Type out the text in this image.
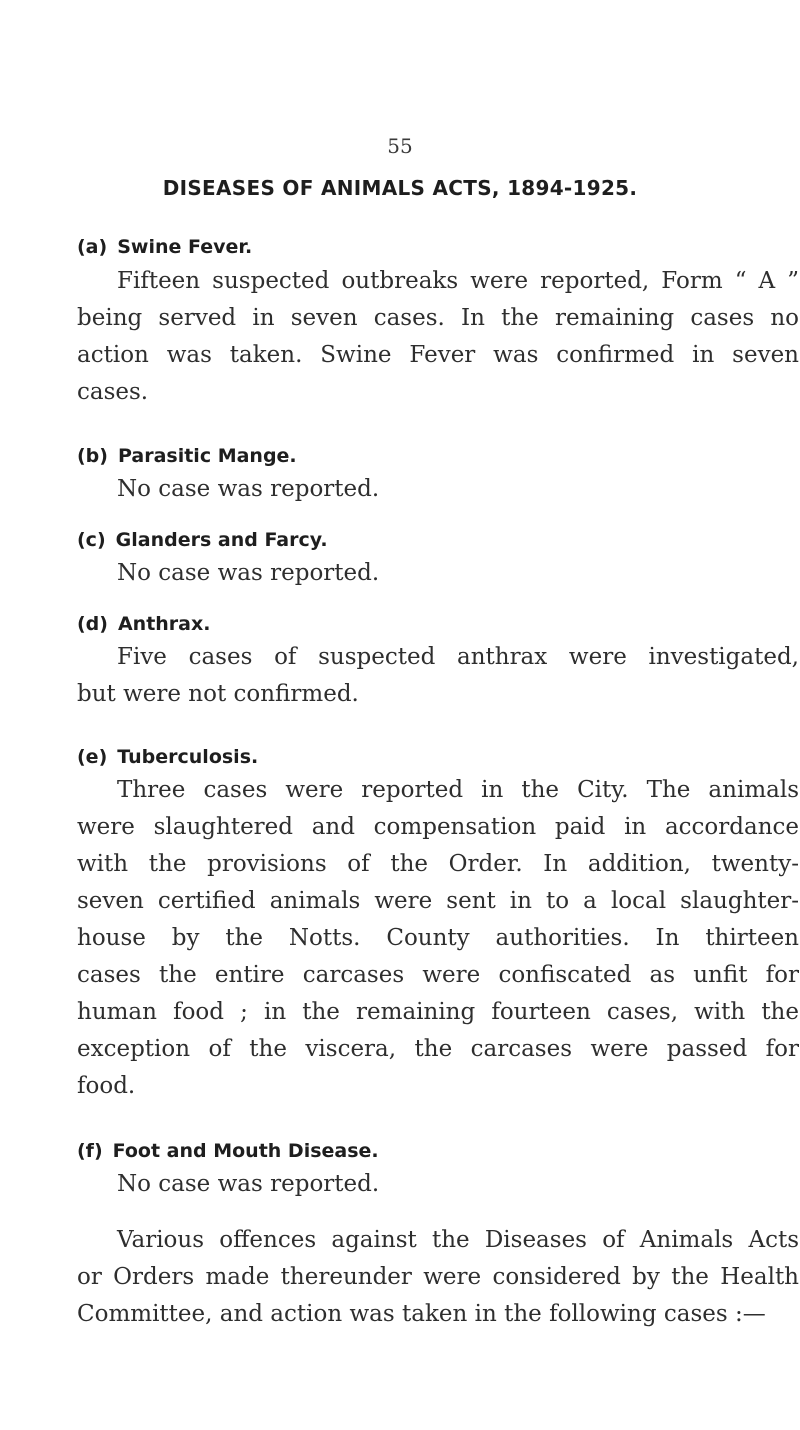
55
DISEASES OF ANIMALS ACTS, 1894-1925.
(a) Swine Fever.
Fifteen suspected outbreaks were reported, Form “ A ”
being served in seven cases. In the remaining cases no
action was taken. Swine Fever was confirmed in seven
cases.
(b) Parasitic Mange.
No case was reported.
(c) Glanders and Farcy.
No case was reported.
(d) Anthrax.
Five cases of suspected anthrax were investigated,
but were not confirmed.
(e) Tuberculosis.
Three cases were reported in the City. The animals
were slaughtered and compensation paid in accordance
with the provisions of the Order. In addition, twenty-
seven certified animals were sent in to a local slaughter-
house by the Notts. County authorities. In thirteen
cases the entire carcases were confiscated as unfit for
human food ; in the remaining fourteen cases, with the
exception of the viscera, the carcases were passed for
food.
(f) Foot and Mouth Disease.
No case was reported.
Various offences against the Diseases of Animals Acts
or Orders made thereunder were considered by the Health
Committee, and action was taken in the following cases :—
